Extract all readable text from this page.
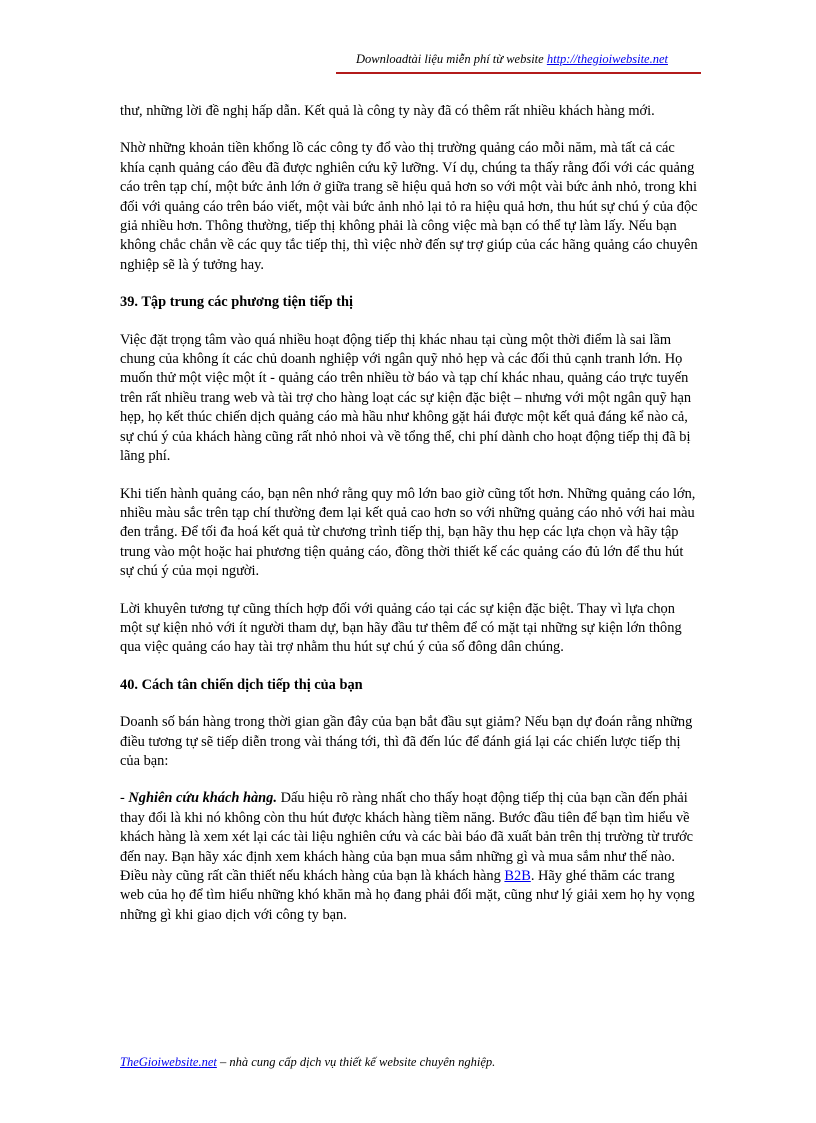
Downloadtài liệu miễn phí từ website http://thegioiwebsite.net

thư, những lời đề nghị hấp dẫn. Kết quả là công ty này đã có thêm rất nhiều khách hàng mới.

Nhờ những khoản tiền khổng lồ các công ty đổ vào thị trường quảng cáo mỗi năm, mà tất cả các khía cạnh quảng cáo đều đã được nghiên cứu kỹ lưỡng. Ví dụ, chúng ta thấy rằng đối với các quảng cáo trên tạp chí, một bức ảnh lớn ở giữa trang sẽ hiệu quả hơn so với một vài bức ảnh nhỏ, trong khi đối với quảng cáo trên báo viết, một vài bức ảnh nhỏ lại tỏ ra hiệu quả hơn, thu hút sự chú ý của độc giả nhiều hơn. Thông thường, tiếp thị không phải là công việc mà bạn có thể tự làm lấy. Nếu bạn không chắc chắn về các quy tắc tiếp thị, thì việc nhờ đến sự trợ giúp của các hãng quảng cáo chuyên nghiệp sẽ là ý tưởng hay.

39. Tập trung các phương tiện tiếp thị

Việc đặt trọng tâm vào quá nhiều hoạt động tiếp thị khác nhau tại cùng một thời điểm là sai lầm chung của không ít các chủ doanh nghiệp với ngân quỹ nhỏ hẹp và các đối thủ cạnh tranh lớn. Họ muốn thử một việc một ít - quảng cáo trên nhiều tờ báo và tạp chí khác nhau, quảng cáo trực tuyến trên rất nhiều trang web và tài trợ cho hàng loạt các sự kiện đặc biệt – nhưng với một ngân quỹ hạn hẹp, họ kết thúc chiến dịch quảng cáo mà hầu như không gặt hái được một kết quả đáng kể nào cả, sự chú ý của khách hàng cũng rất nhỏ nhoi và về tổng thể, chi phí dành cho hoạt động tiếp thị đã bị lãng phí.

Khi tiến hành quảng cáo, bạn nên nhớ rằng quy mô lớn bao giờ cũng tốt hơn. Những quảng cáo lớn, nhiều màu sắc trên tạp chí thường đem lại kết quả cao hơn so với những quảng cáo nhỏ với hai màu đen trắng. Để tối đa hoá kết quả từ chương trình tiếp thị, bạn hãy thu hẹp các lựa chọn và hãy tập trung vào một hoặc hai phương tiện quảng cáo, đồng thời thiết kế các quảng cáo đủ lớn để thu hút sự chú ý của mọi người.

Lời khuyên tương tự cũng thích hợp đối với quảng cáo tại các sự kiện đặc biệt. Thay vì lựa chọn một sự kiện nhỏ với ít người tham dự, bạn hãy đầu tư thêm để có mặt tại những sự kiện lớn thông qua việc quảng cáo hay tài trợ nhằm thu hút sự chú ý của số đông dân chúng.

40. Cách tân chiến dịch tiếp thị của bạn

Doanh số bán hàng trong thời gian gần đây của bạn bắt đầu sụt giảm? Nếu bạn dự đoán rằng những điều tương tự sẽ tiếp diễn trong vài tháng tới, thì đã đến lúc để đánh giá lại các chiến lược tiếp thị của bạn:

- Nghiên cứu khách hàng. Dấu hiệu rõ ràng nhất cho thấy hoạt động tiếp thị của bạn cần đến phải thay đổi là khi nó không còn thu hút được khách hàng tiềm năng. Bước đầu tiên để bạn tìm hiểu về khách hàng là xem xét lại các tài liệu nghiên cứu và các bài báo đã xuất bản trên thị trường từ trước đến nay. Bạn hãy xác định xem khách hàng của bạn mua sắm những gì và mua sắm như thế nào. Điều này cũng rất cần thiết nếu khách hàng của bạn là khách hàng B2B. Hãy ghé thăm các trang web của họ để tìm hiểu những khó khăn mà họ đang phải đối mặt, cũng như lý giải xem họ hy vọng những gì khi giao dịch với công ty bạn.

TheGioiwebsite.net – nhà cung cấp dịch vụ thiết kế website chuyên nghiệp.
